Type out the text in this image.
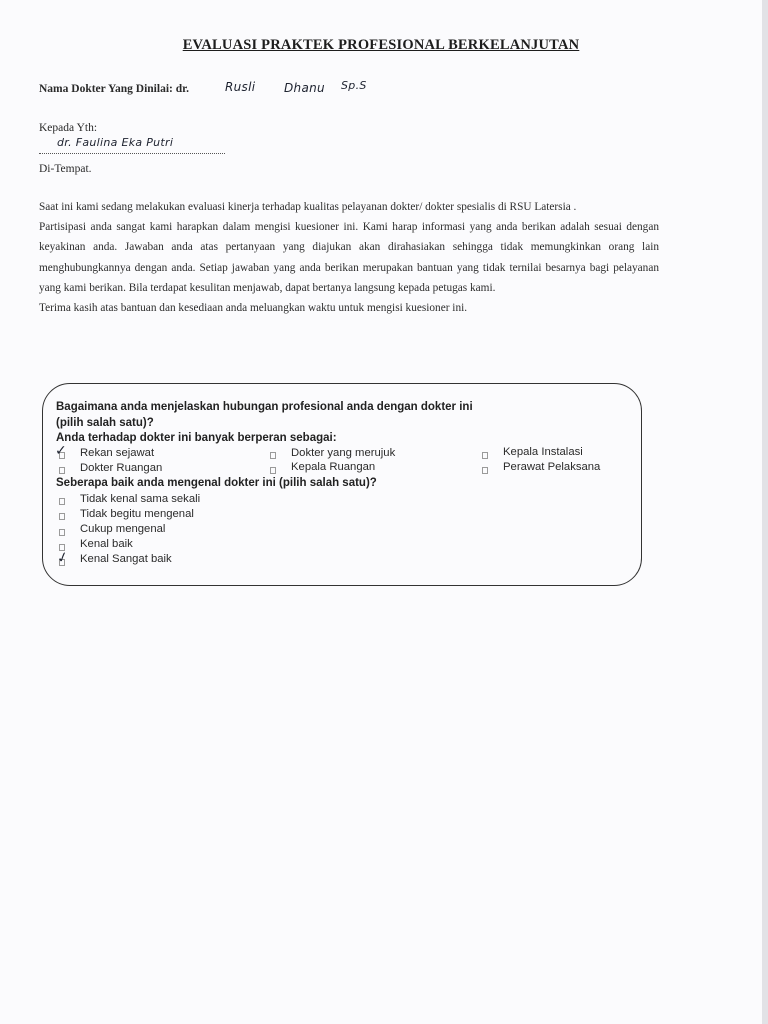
EVALUASI PRAKTEK PROFESIONAL BERKELANJUTAN
Nama Dokter Yang Dinilai: dr.	Rusli Dhanu Sp.S
Kepada Yth:
dr. Faulina Eka Putri
Di-Tempat.

Saat ini kami sedang melakukan evaluasi kinerja terhadap kualitas pelayanan dokter/ dokter spesialis di RSU Latersia .

Partisipasi anda sangat kami harapkan dalam mengisi kuesioner ini. Kami harap informasi yang anda berikan adalah sesuai dengan keyakinan anda. Jawaban anda atas pertanyaan yang diajukan akan dirahasiakan sehingga tidak memungkinkan orang lain menghubungkannya dengan anda. Setiap jawaban yang anda berikan merupakan bantuan yang tidak ternilai besarnya bagi pelayanan yang kami berikan. Bila terdapat kesulitan menjawab, dapat bertanya langsung kepada petugas kami.

Terima kasih atas bantuan dan kesediaan anda meluangkan waktu untuk mengisi kuesioner ini.

Bagaimana anda menjelaskan hubungan profesional anda dengan dokter ini
(pilih salah satu)?
Anda terhadap dokter ini banyak berperan sebagai:
✓ Rekan sejawat	Dokter yang merujuk	Kepala Instalasi
Dokter Ruangan	Kepala Ruangan	Perawat Pelaksana
Seberapa baik anda mengenal dokter ini (pilih salah satu)?
Tidak kenal sama sekali
Tidak begitu mengenal
Cukup mengenal
Kenal baik
✓ Kenal Sangat baik
